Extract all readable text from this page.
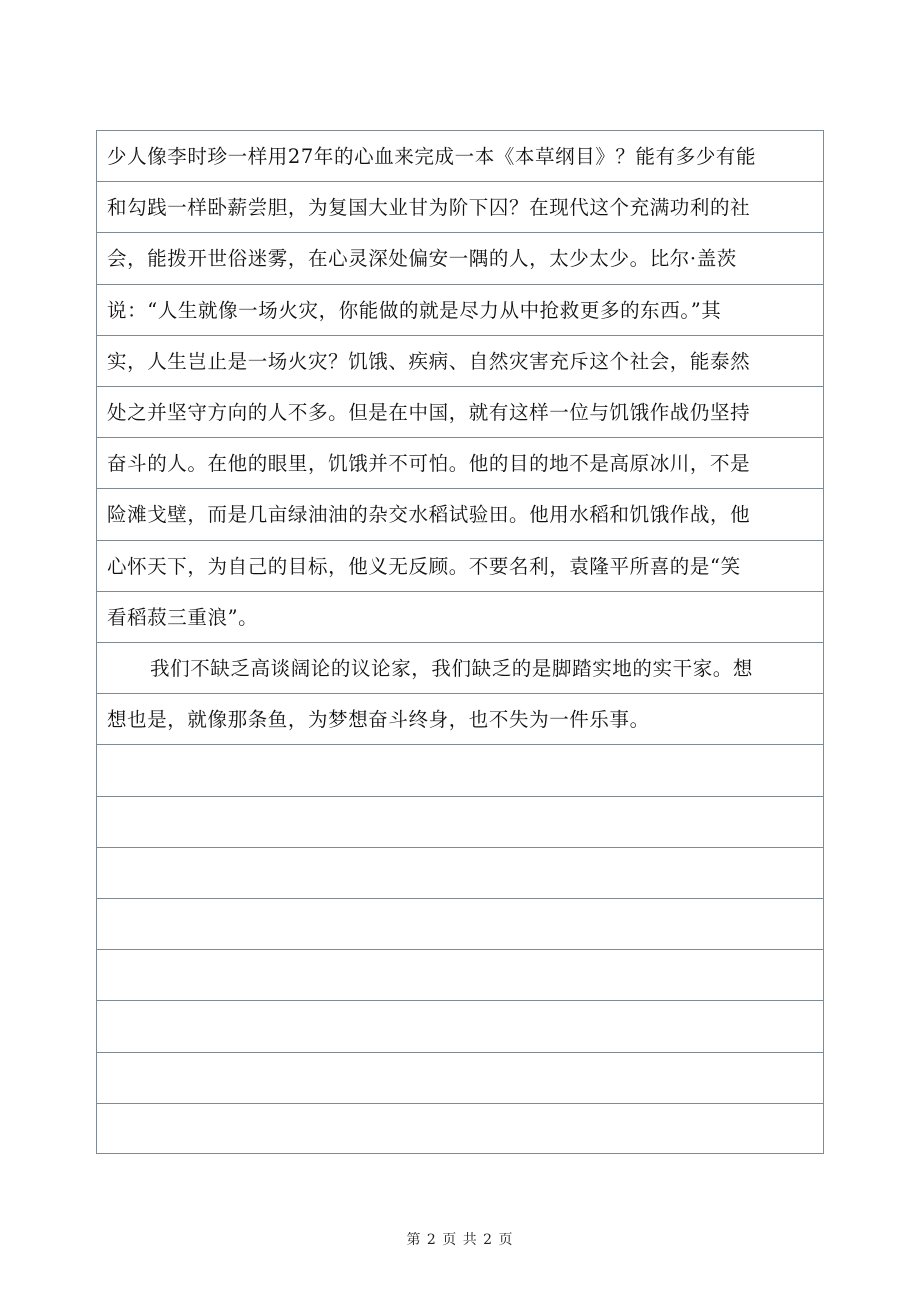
少人像李时珍一样用27年的心血来完成一本《本草纲目》？能有多少有能
和勾践一样卧薪尝胆，为复国大业甘为阶下囚？在现代这个充满功利的社
会，能拨开世俗迷雾，在心灵深处偏安一隅的人，太少太少。比尔·盖茨
说：“人生就像一场火灾，你能做的就是尽力从中抢救更多的东西。”其
实，人生岂止是一场火灾？饥饿、疾病、自然灾害充斥这个社会，能泰然
处之并坚守方向的人不多。但是在中国，就有这样一位与饥饿作战仍坚持
奋斗的人。在他的眼里，饥饿并不可怕。他的目的地不是高原冰川，不是
险滩戈壁，而是几亩绿油油的杂交水稻试验田。他用水稻和饥饿作战，他
心怀天下，为自己的目标，他义无反顾。不要名利，袁隆平所喜的是“笑
看稻菽三重浪”。
我们不缺乏高谈阔论的议论家，我们缺乏的是脚踏实地的实干家。想
想也是，就像那条鱼，为梦想奋斗终身，也不失为一件乐事。
第 2 页 共 2 页
